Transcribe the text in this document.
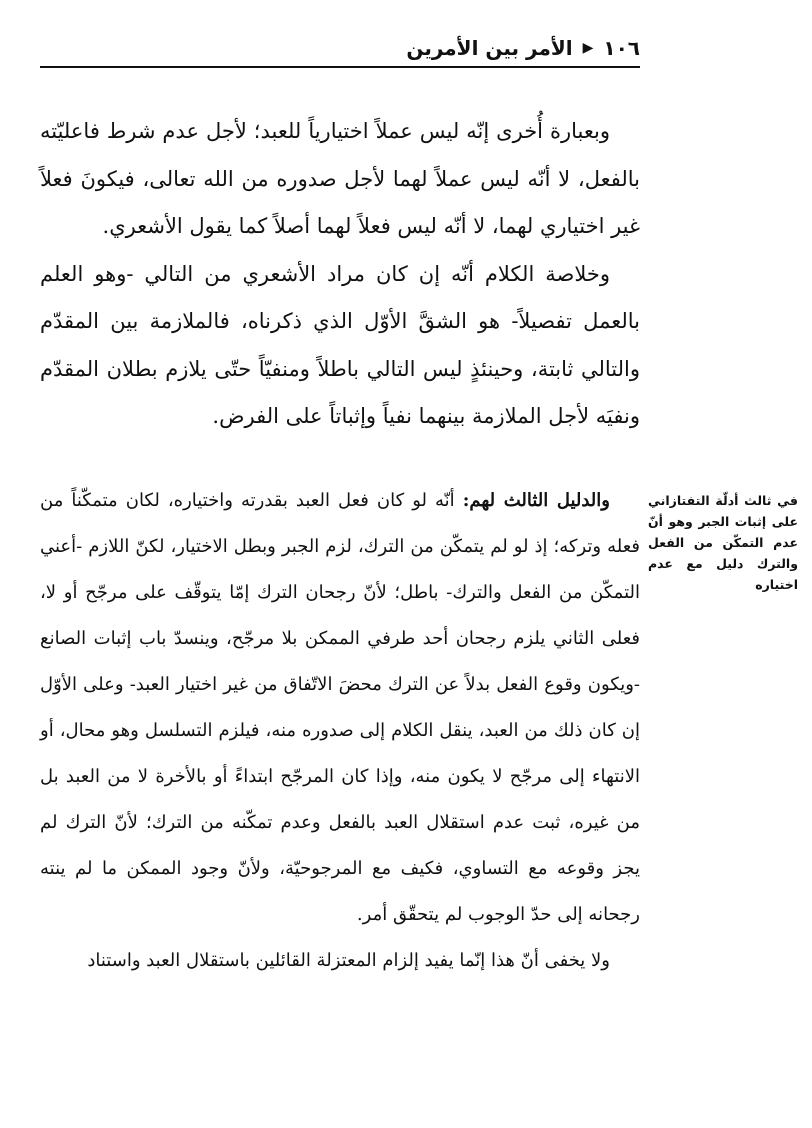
١٠٦
▶
الأمر بين الأمرين

وبعبارة أُخرى إنّه ليس عملاً اختيارياً للعبد؛ لأجل عدم شرط فاعليّته بالفعل، لا أنّه ليس عملاً لهما لأجل صدوره من الله تعالى، فيكونَ فعلاً غير اختياري لهما، لا أنّه ليس فعلاً لهما أصلاً كما يقول الأشعري.

وخلاصة الكلام أنّه إن كان مراد الأشعري من التالي -وهو العلم بالعمل تفصيلاً- هو الشقَّ الأوّل الذي ذكرناه، فالملازمة بين المقدّم والتالي ثابتة، وحينئذٍ ليس التالي باطلاً ومنفيّاً حتّى يلازم بطلان المقدّم ونفيَه لأجل الملازمة بينهما نفياً وإثباتاً على الفرض.

والدليل الثالث لهم: أنّه لو كان فعل العبد بقدرته واختياره، لكان متمكّناً من فعله وتركه؛ إذ لو لم يتمكّن من الترك، لزم الجبر وبطل الاختيار، لكنّ اللازم -أعني التمكّن من الفعل والترك- باطل؛ لأنّ رجحان الترك إمّا يتوقّف على مرجّح أو لا، فعلى الثاني يلزم رجحان أحد طرفي الممكن بلا مرجّح، وينسدّ باب إثبات الصانع -ويكون وقوع الفعل بدلاً عن الترك محضَ الاتّفاق من غير اختيار العبد- وعلى الأوّل إن كان ذلك من العبد، ينقل الكلام إلى صدوره منه، فيلزم التسلسل وهو محال، أو الانتهاء إلى مرجّح لا يكون منه، وإذا كان المرجّح ابتداءً أو بالأخرة لا من العبد بل من غيره، ثبت عدم استقلال العبد بالفعل وعدم تمكّنه من الترك؛ لأنّ الترك لم يجز وقوعه مع التساوي، فكيف مع المرجوحيّة، ولأنّ وجود الممكن ما لم ينته رجحانه إلى حدّ الوجوب لم يتحقّق أمر.

ولا يخفى أنّ هذا إنّما يفيد إلزام المعتزلة القائلين باستقلال العبد واستناد

في ثالث أدلّة التفتازاني على إثبات الجبر وهو أنّ عدم التمكّن من الفعل والترك دليل مع عدم اختياره
